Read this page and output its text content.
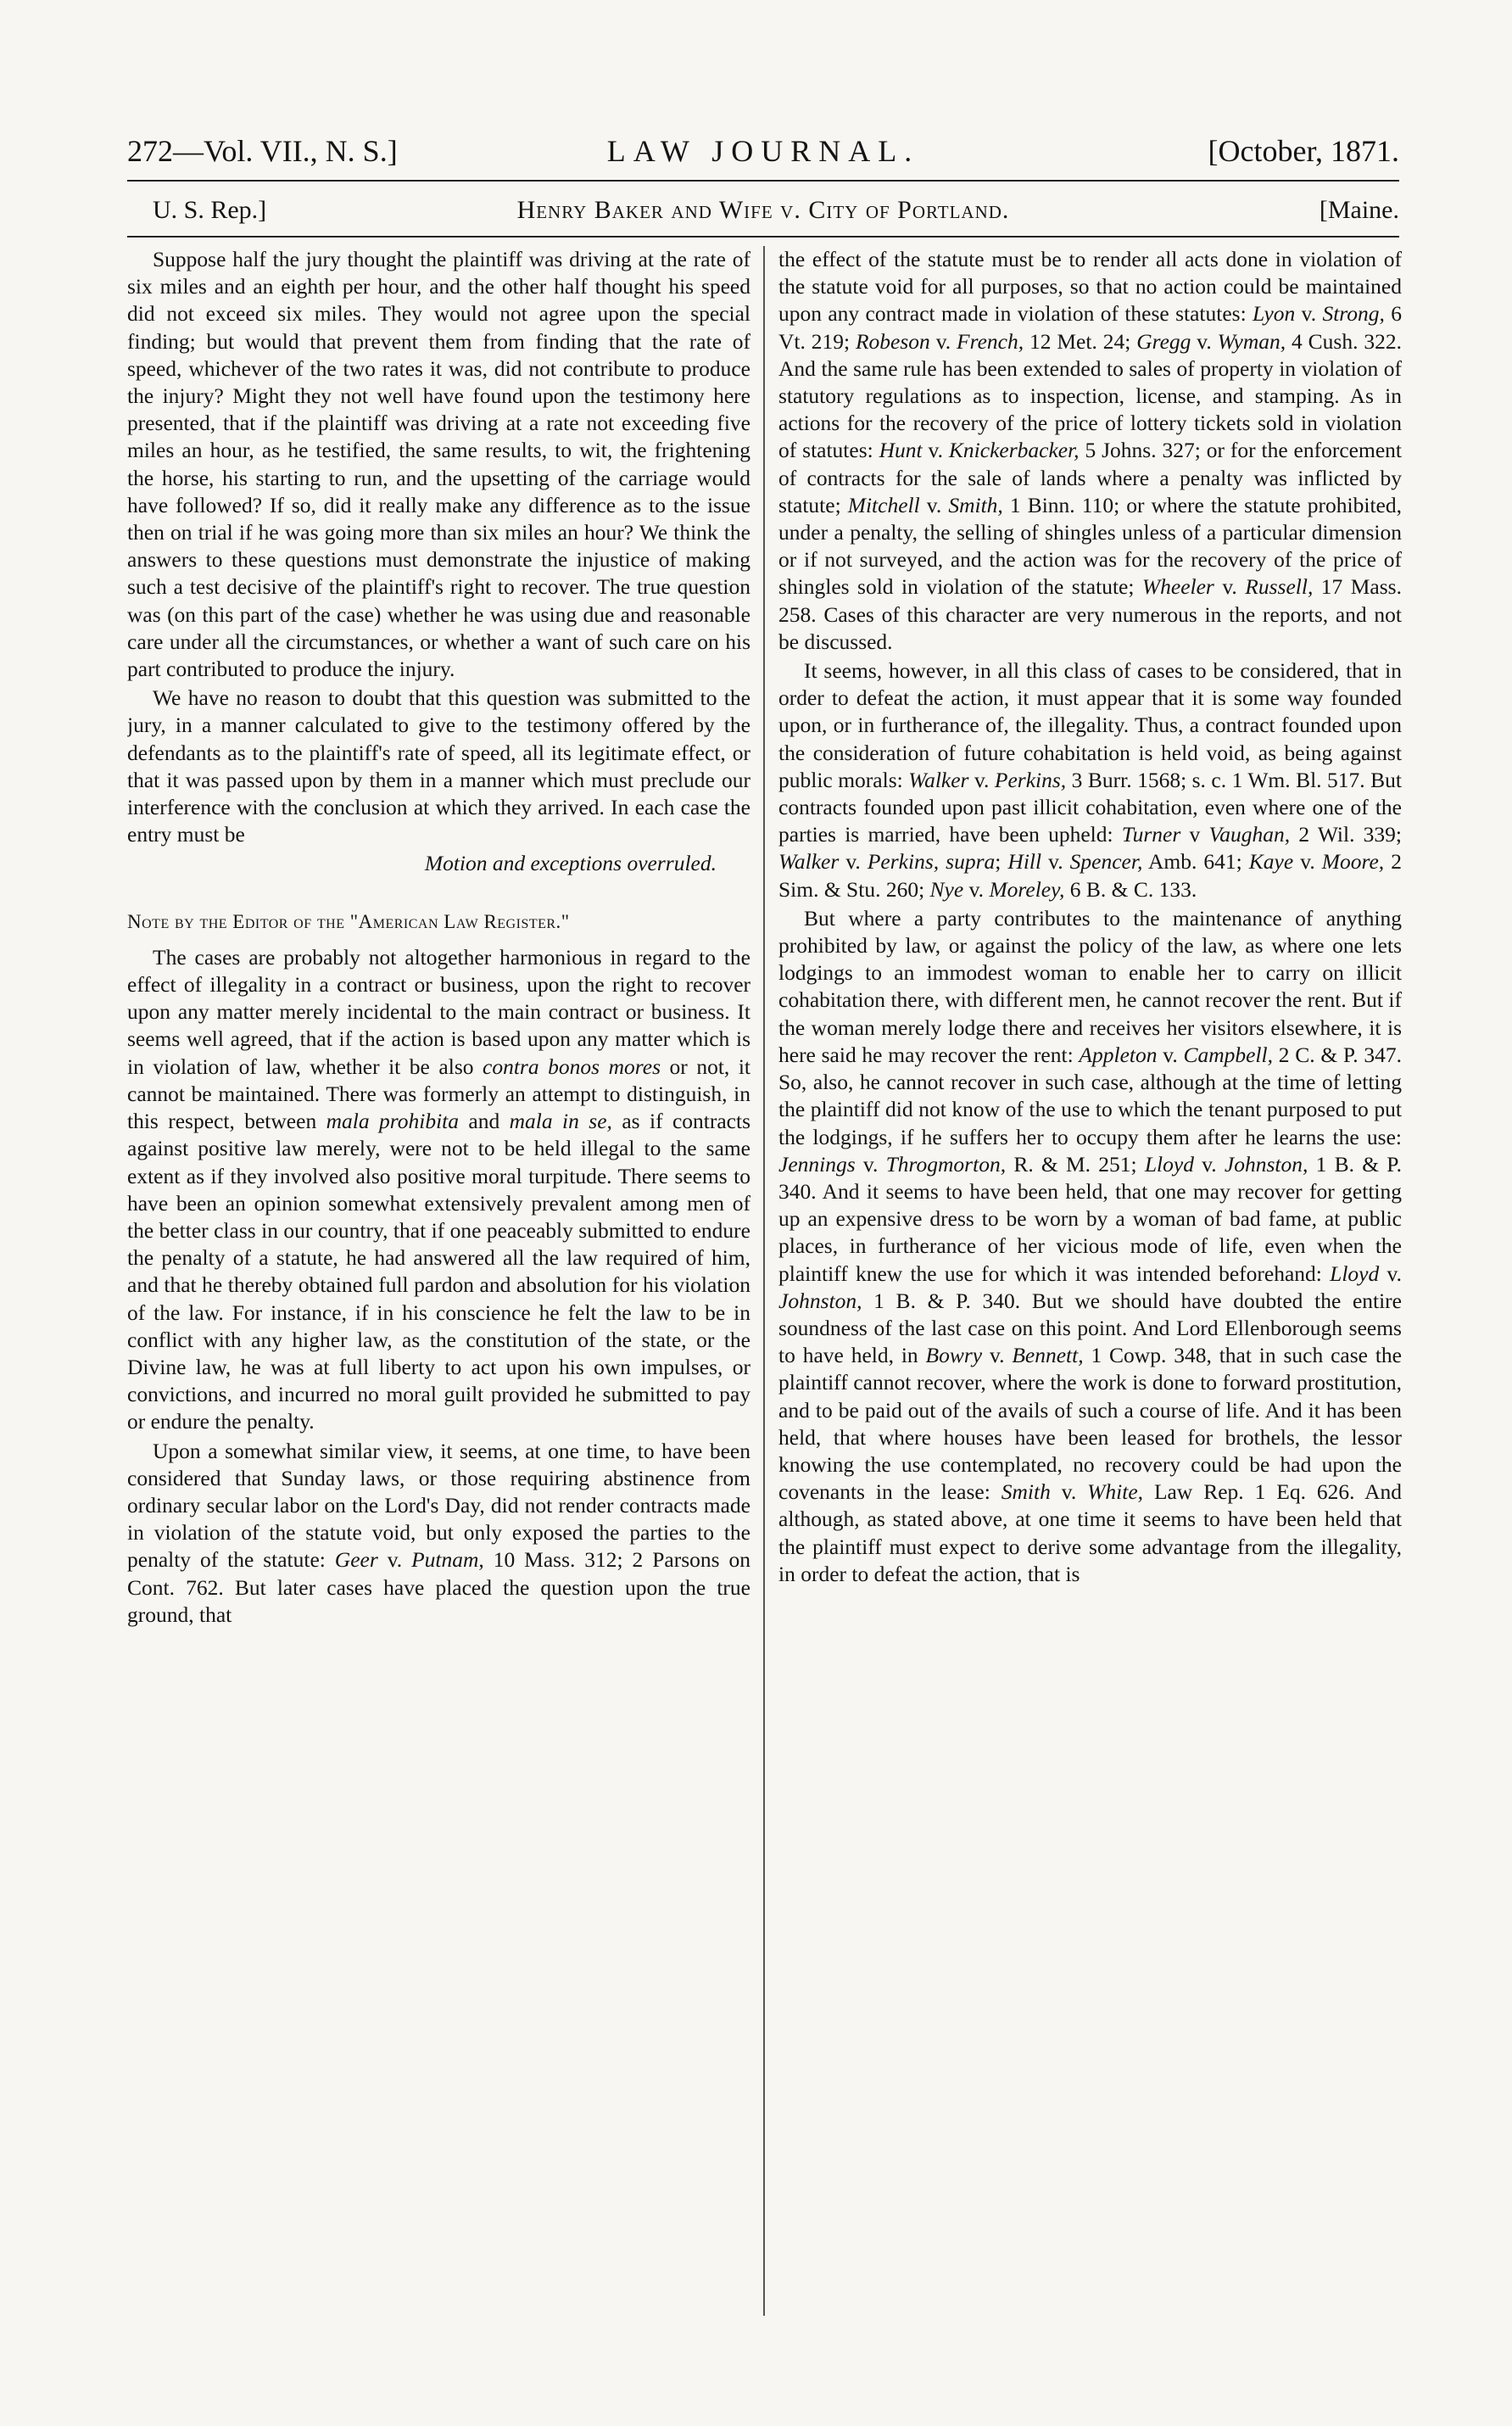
272—Vol. VII., N. S.]	LAW JOURNAL.	[October, 1871.
U. S. Rep.]	Henry Baker and Wife v. City of Portland.	[Maine.

Suppose half the jury thought the plaintiff was driving at the rate of six miles and an eighth per hour, and the other half thought his speed did not exceed six miles. They would not agree upon the special finding; but would that prevent them from finding that the rate of speed, whichever of the two rates it was, did not contribute to produce the injury? Might they not well have found upon the testimony here presented, that if the plaintiff was driving at a rate not exceeding five miles an hour, as he testified, the same results, to wit, the frightening the horse, his starting to run, and the upsetting of the carriage would have followed? If so, did it really make any difference as to the issue then on trial if he was going more than six miles an hour? We think the answers to these questions must demonstrate the injustice of making such a test decisive of the plaintiff's right to recover. The true question was (on this part of the case) whether he was using due and reasonable care under all the circumstances, or whether a want of such care on his part contributed to produce the injury.

We have no reason to doubt that this question was submitted to the jury, in a manner calculated to give to the testimony offered by the defendants as to the plaintiff's rate of speed, all its legitimate effect, or that it was passed upon by them in a manner which must preclude our interference with the conclusion at which they arrived. In each case the entry must be

Motion and exceptions overruled.

Note by the Editor of the "American Law Register."

The cases are probably not altogether harmonious in regard to the effect of illegality in a contract or business, upon the right to recover upon any matter merely incidental to the main contract or business. It seems well agreed, that if the action is based upon any matter which is in violation of law, whether it be also contra bonos mores or not, it cannot be maintained. There was formerly an attempt to distinguish, in this respect, between mala prohibita and mala in se, as if contracts against positive law merely, were not to be held illegal to the same extent as if they involved also positive moral turpitude. There seems to have been an opinion somewhat extensively prevalent among men of the better class in our country, that if one peaceably submitted to endure the penalty of a statute, he had answered all the law required of him, and that he thereby obtained full pardon and absolution for his violation of the law. For instance, if in his conscience he felt the law to be in conflict with any higher law, as the constitution of the state, or the Divine law, he was at full liberty to act upon his own impulses, or convictions, and incurred no moral guilt provided he submitted to pay or endure the penalty.

Upon a somewhat similar view, it seems, at one time, to have been considered that Sunday laws, or those requiring abstinence from ordinary secular labor on the Lord's Day, did not render contracts made in violation of the statute void, but only exposed the parties to the penalty of the statute: Geer v. Putnam, 10 Mass. 312; 2 Parsons on Cont. 762. But later cases have placed the question upon the true ground, that

the effect of the statute must be to render all acts done in violation of the statute void for all purposes, so that no action could be maintained upon any contract made in violation of these statutes: Lyon v. Strong, 6 Vt. 219; Robeson v. French, 12 Met. 24; Gregg v. Wyman, 4 Cush. 322. And the same rule has been extended to sales of property in violation of statutory regulations as to inspection, license, and stamping. As in actions for the recovery of the price of lottery tickets sold in violation of statutes: Hunt v. Knickerbacker, 5 Johns. 327; or for the enforcement of contracts for the sale of lands where a penalty was inflicted by statute; Mitchell v. Smith, 1 Binn. 110; or where the statute prohibited, under a penalty, the selling of shingles unless of a particular dimension or if not surveyed, and the action was for the recovery of the price of shingles sold in violation of the statute; Wheeler v. Russell, 17 Mass. 258. Cases of this character are very numerous in the reports, and not be discussed.

It seems, however, in all this class of cases to be considered, that in order to defeat the action, it must appear that it is some way founded upon, or in furtherance of, the illegality. Thus, a contract founded upon the consideration of future cohabitation is held void, as being against public morals: Walker v. Perkins, 3 Burr. 1568; s. c. 1 Wm. Bl. 517. But contracts founded upon past illicit cohabitation, even where one of the parties is married, have been upheld: Turner v Vaughan, 2 Wil. 339; Walker v. Perkins, supra; Hill v. Spencer, Amb. 641; Kaye v. Moore, 2 Sim. & Stu. 260; Nye v. Moreley, 6 B. & C. 133.

But where a party contributes to the maintenance of anything prohibited by law, or against the policy of the law, as where one lets lodgings to an immodest woman to enable her to carry on illicit cohabitation there, with different men, he cannot recover the rent. But if the woman merely lodge there and receives her visitors elsewhere, it is here said he may recover the rent: Appleton v. Campbell, 2 C. & P. 347. So, also, he cannot recover in such case, although at the time of letting the plaintiff did not know of the use to which the tenant purposed to put the lodgings, if he suffers her to occupy them after he learns the use: Jennings v. Throgmorton, R. & M. 251; Lloyd v. Johnston, 1 B. & P. 340. And it seems to have been held, that one may recover for getting up an expensive dress to be worn by a woman of bad fame, at public places, in furtherance of her vicious mode of life, even when the plaintiff knew the use for which it was intended beforehand: Lloyd v. Johnston, 1 B. & P. 340. But we should have doubted the entire soundness of the last case on this point. And Lord Ellenborough seems to have held, in Bowry v. Bennett, 1 Cowp. 348, that in such case the plaintiff cannot recover, where the work is done to forward prostitution, and to be paid out of the avails of such a course of life. And it has been held, that where houses have been leased for brothels, the lessor knowing the use contemplated, no recovery could be had upon the covenants in the lease: Smith v. White, Law Rep. 1 Eq. 626. And although, as stated above, at one time it seems to have been held that the plaintiff must expect to derive some advantage from the illegality, in order to defeat the action, that is
